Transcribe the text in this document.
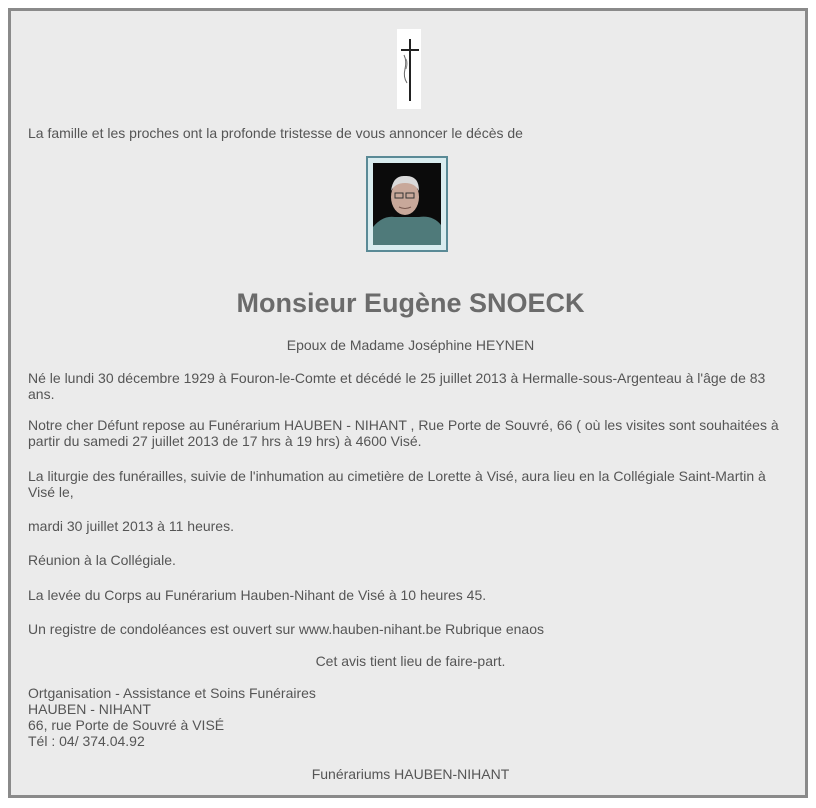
La famille et les proches ont la profonde tristesse de vous annoncer le décès de

Monsieur Eugène SNOECK

Epoux de Madame Joséphine HEYNEN

Né le lundi 30 décembre 1929 à Fouron-le-Comte et décédé le 25 juillet 2013 à Hermalle-sous-Argenteau à l'âge de 83 ans.

Notre cher Défunt repose au Funérarium HAUBEN - NIHANT , Rue Porte de Souvré, 66 ( où les visites sont souhaitées à partir du samedi 27 juillet 2013 de 17 hrs à 19 hrs) à 4600 Visé.

La liturgie des funérailles, suivie de l'inhumation au cimetière de Lorette à Visé, aura lieu en la Collégiale Saint-Martin à Visé le,

mardi 30 juillet 2013 à 11 heures.

Réunion à la Collégiale.

La levée du Corps au Funérarium Hauben-Nihant de Visé à 10 heures 45.

Un registre de condoléances est ouvert sur www.hauben-nihant.be Rubrique enaos

Cet avis tient lieu de faire-part.

Ortganisation - Assistance et Soins Funéraires
HAUBEN - NIHANT
66, rue Porte de Souvré à VISÉ
Tél : 04/ 374.04.92

Funérariums HAUBEN-NIHANT
